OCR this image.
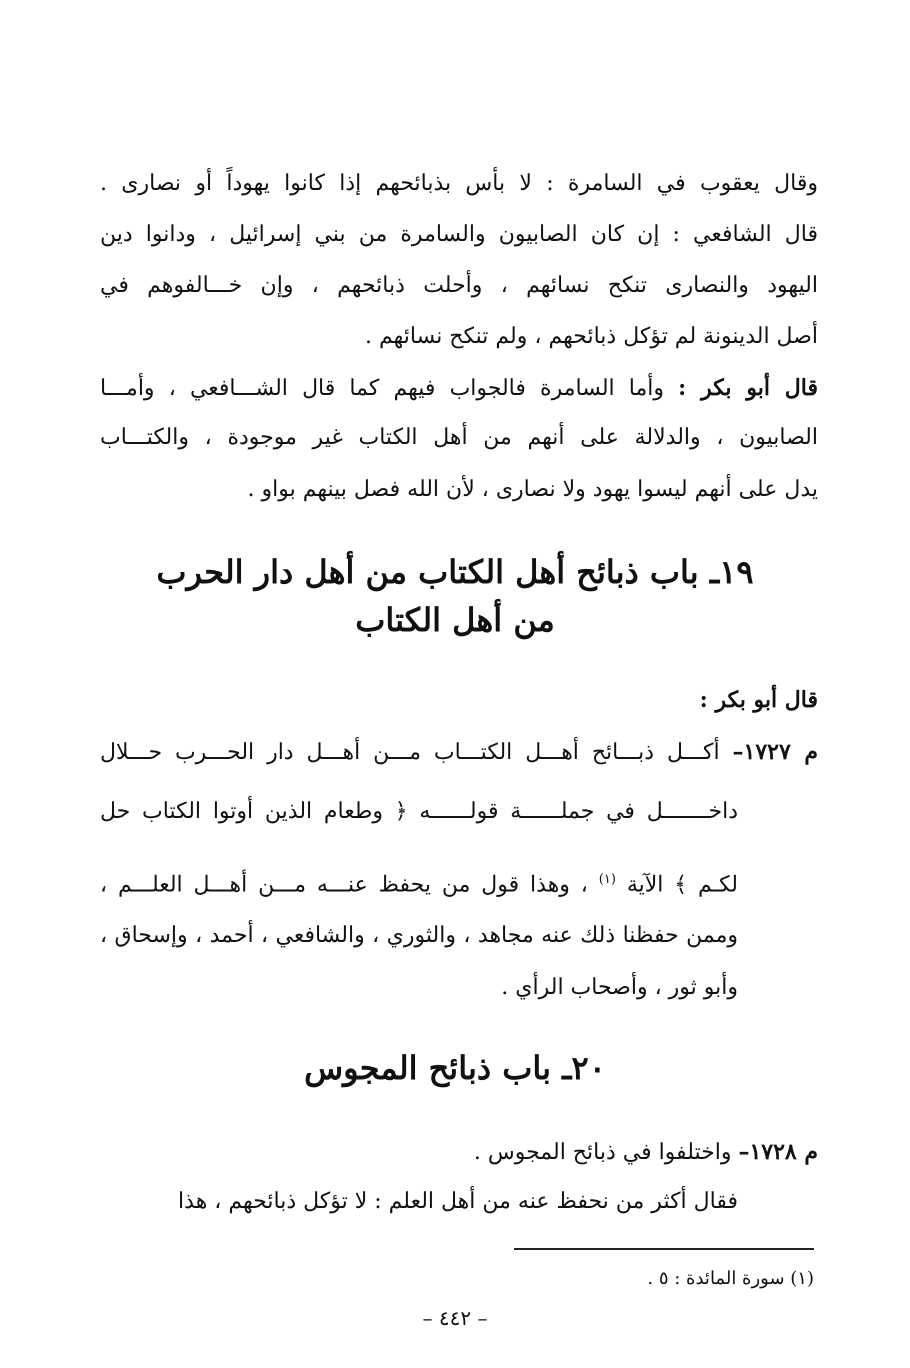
وقال يعقوب في السامرة : لا بأس بذبائحهم إذا كانوا يهوداً أو نصارى .
قال الشافعي : إن كان الصابيون والسامرة من بني إسرائيل ، ودانوا دين
اليهود والنصارى تنكح نسائهم ، وأحلت ذبائحهم ، وإن خـــالفوهم في
أصل الدينونة لم تؤكل ذبائحهم ، ولم تنكح نسائهم .
قال أبو بكر : وأما السامرة فالجواب فيهم كما قال الشـــافعي ، وأمـــا
الصابيون ، والدلالة على أنهم من أهل الكتاب غير موجودة ، والكتـــاب
يدل على أنهم ليسوا يهود ولا نصارى ، لأن الله فصل بينهم بواو .
١٩ـ باب ذبائح أهل الكتاب من أهل دار الحرب
من أهل الكتاب
قال أبو بكر :
م ١٧٢٧– أكـــل ذبـــائح أهـــل الكتـــاب مـــن أهـــل دار الحـــرب حـــلال
داخـــــــل في جملــــــة قولــــــه ﴿ وطعام الذين أوتوا الكتاب حل
لكـم ﴾ الآية $^{(١)}$ ، وهذا قول من يحفظ عنـــه مـــن أهـــل العلـــم ،
وممن حفظنا ذلك عنه مجاهد ، والثوري ، والشافعي ، أحمد ، وإسحاق ،
وأبو ثور ، وأصحاب الرأي .
٢٠ـ باب ذبائح المجوس
م ١٧٢٨– واختلفوا في ذبائح المجوس .
فقال أكثر من نحفظ عنه من أهل العلم : لا تؤكل ذبائحهم ، هذا
(١) سورة المائدة : ٥ .
– ٤٤٢ –
